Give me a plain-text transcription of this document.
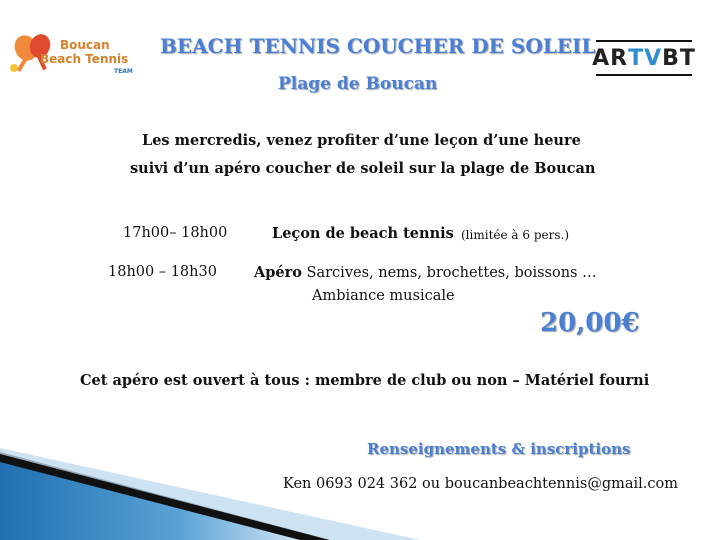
Boucan
Beach Tennis
TEAM
AR TV BT
BEACH TENNIS COUCHER DE SOLEIL
Plage de Boucan
Les mercredis, venez profiter d’une leçon d’une heure
suivi d’un apéro coucher de soleil sur la plage de Boucan
17h00– 18h00	Leçon de beach tennis (limitée à 6 pers.)
18h00 – 18h30	Apéro Sarcives, nems, brochettes, boissons …
Ambiance musicale
20,00€
Cet apéro est ouvert à tous : membre de club ou non – Matériel fourni
Renseignements & inscriptions
Ken 0693 024 362 ou boucanbeachtennis@gmail.com
